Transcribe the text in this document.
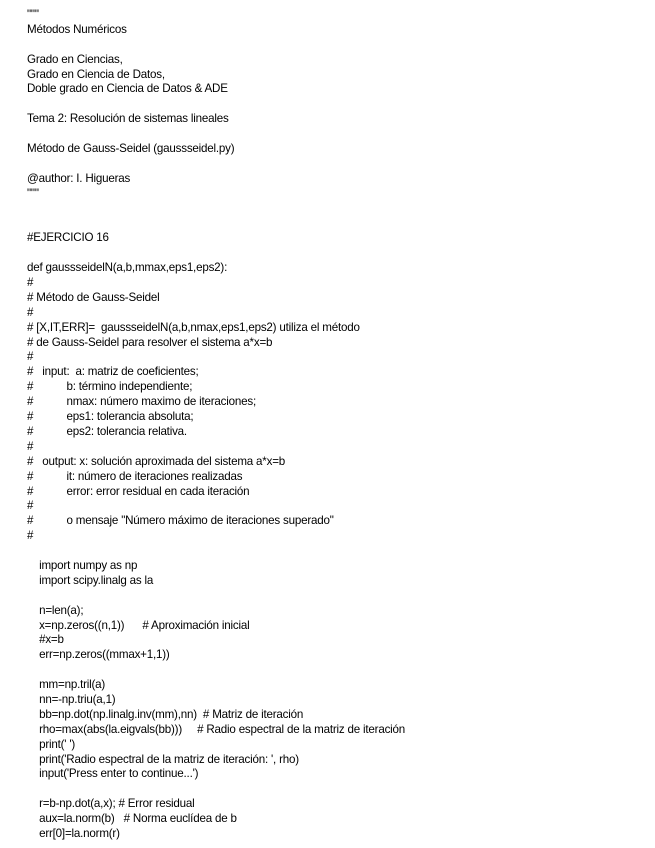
"""
Métodos Numéricos
Grado en Ciencias,
Grado en Ciencia de Datos,
Doble grado en Ciencia de Datos & ADE
Tema 2: Resolución de sistemas lineales
Método de Gauss-Seidel (gaussseidel.py)
@author: I. Higueras
"""
#EJERCICIO 16
def gaussseidelN(a,b,mmax,eps1,eps2):
#
# Método de Gauss-Seidel
#
# [X,IT,ERR]=  gaussseidelN(a,b,nmax,eps1,eps2) utiliza el método
# de Gauss-Seidel para resolver el sistema a*x=b
#
#   input:  a: matriz de coeficientes;
#           b: término independiente;
#           nmax: número maximo de iteraciones;
#           eps1: tolerancia absoluta;
#           eps2: tolerancia relativa.
#
#   output: x: solución aproximada del sistema a*x=b
#           it: número de iteraciones realizadas
#           error: error residual en cada iteración
#
#           o mensaje "Número máximo de iteraciones superado"
#
import numpy as np
import scipy.linalg as la
n=len(a);
x=np.zeros((n,1))      # Aproximación inicial
#x=b
err=np.zeros((mmax+1,1))
mm=np.tril(a)
nn=-np.triu(a,1)
bb=np.dot(np.linalg.inv(mm),nn)  # Matriz de iteración
rho=max(abs(la.eigvals(bb)))     # Radio espectral de la matriz de iteración
print(' ')
print('Radio espectral de la matriz de iteración: ', rho)
input('Press enter to continue...')
r=b-np.dot(a,x); # Error residual
aux=la.norm(b)   # Norma euclídea de b
err[0]=la.norm(r)
